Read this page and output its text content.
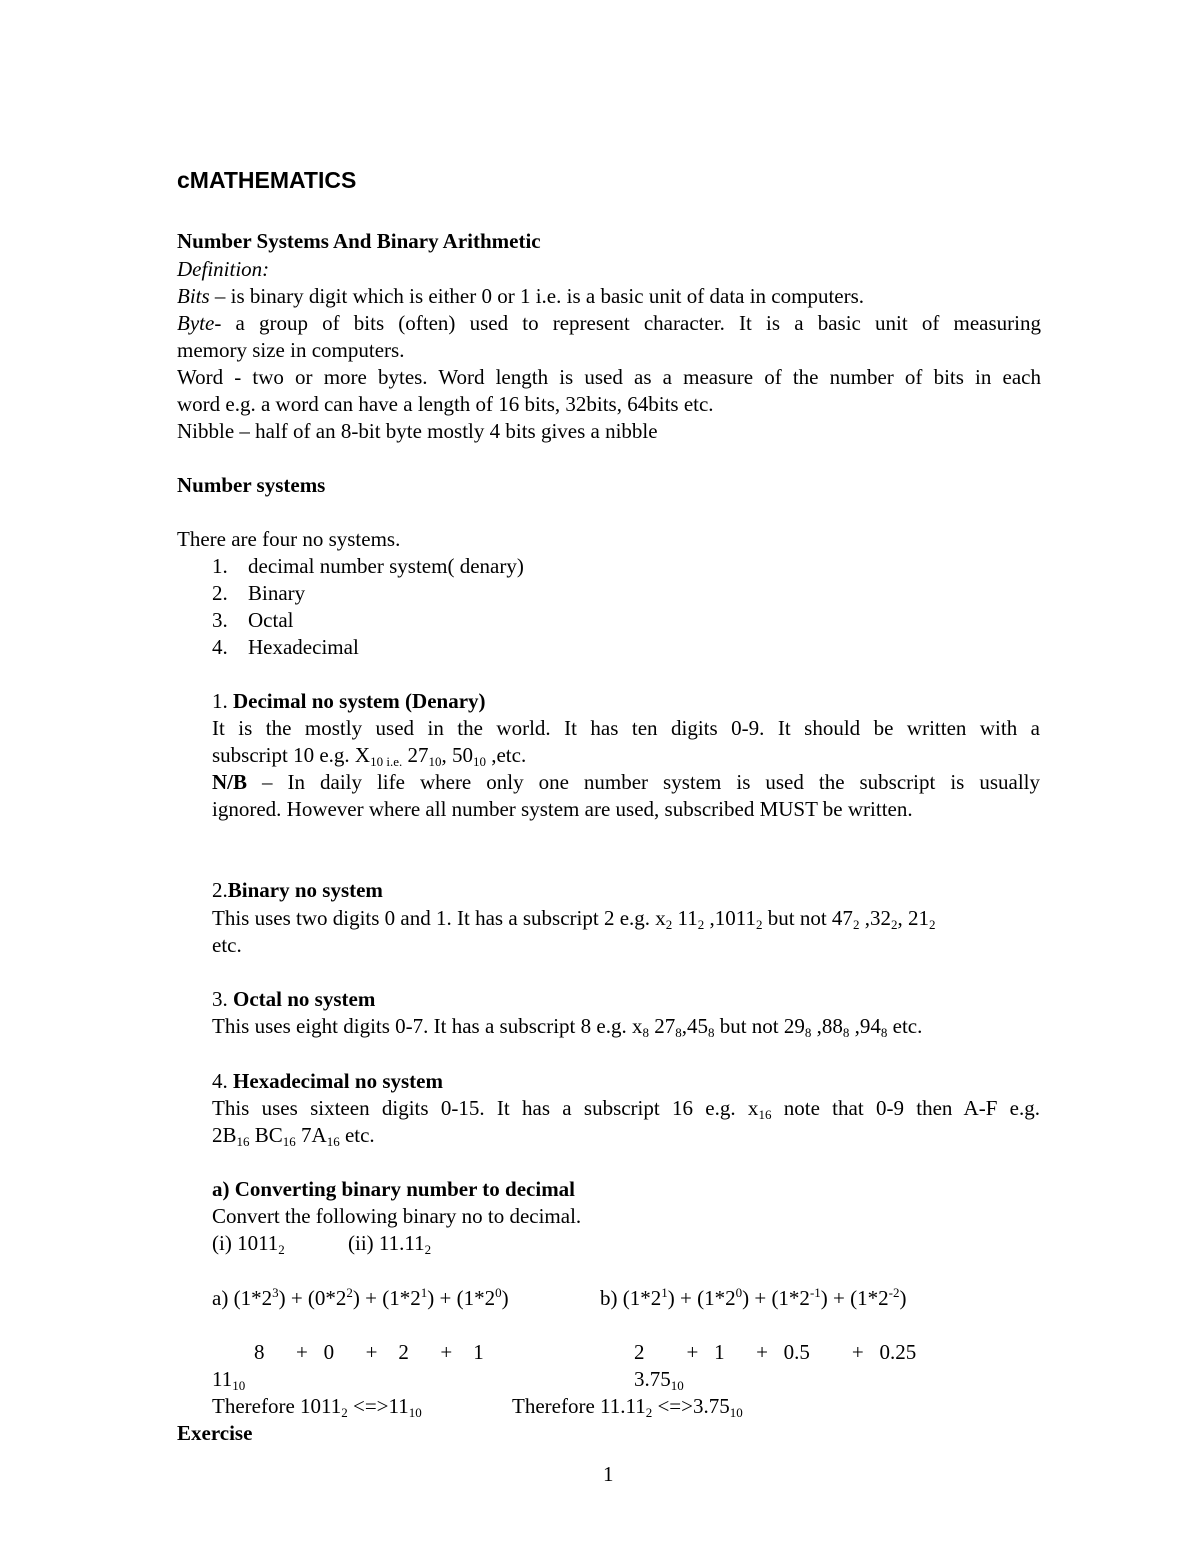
cMATHEMATICS
Number Systems And Binary Arithmetic
Definition:
Bits – is binary digit which is either 0 or 1 i.e. is a basic unit of data in computers.
Byte- a group of bits (often) used to represent character. It is a basic unit of measuring
memory size in computers.
Word - two or more bytes. Word length is used as a measure of the number of bits in each
word e.g. a word can have a length of 16 bits, 32bits, 64bits etc.
Nibble – half of an 8-bit byte mostly 4 bits gives a nibble
Number systems
There are four no systems.
1. decimal number system( denary)
2. Binary
3. Octal
4. Hexadecimal
1. Decimal no system (Denary)
It is the mostly used in the world. It has ten digits 0-9. It should be written with a
subscript 10 e.g. $X_{10 i.e.}$ $27_{10}$, $50_{10}$ ,etc.
N/B – In daily life where only one number system is used the subscript is usually
ignored. However where all number system are used, subscribed MUST be written.
2.Binary no system
This uses two digits 0 and 1. It has a subscript 2 e.g. $x_2$ $11_2$ $,1011_2$ but not $47_2$ $,32_2$, $21_2$
etc.
3. Octal no system
This uses eight digits 0-7. It has a subscript 8 e.g. $x_8$ $27_8,45_8$ but not $29_8$ $,88_8$ $,94_8$ etc.
4. Hexadecimal no system
This uses sixteen digits 0-15. It has a subscript 16 e.g. $x_{16}$ note that 0-9 then A-F e.g.
$2B_{16}$ $BC_{16}$ $7A_{16}$ etc.
a) Converting binary number to decimal
Convert the following binary no to decimal.
(i) $1011_2$	(ii) $11.11_2$
a) $(1*2^3) + (0*2^2) + (1*2^1) + (1*2^0)$	b) $(1*2^1) + (1*2^0) + (1*2^{-1}) + (1*2^{-2})$
8      +   0      +    2      +    1	2        +   1      +   0.5        +   0.25
$11_{10}$	$3.75_{10}$
Therefore $1011_2 <=>11_{10}$	Therefore $11.11_2 <=>3.75_{10}$
Exercise
1
